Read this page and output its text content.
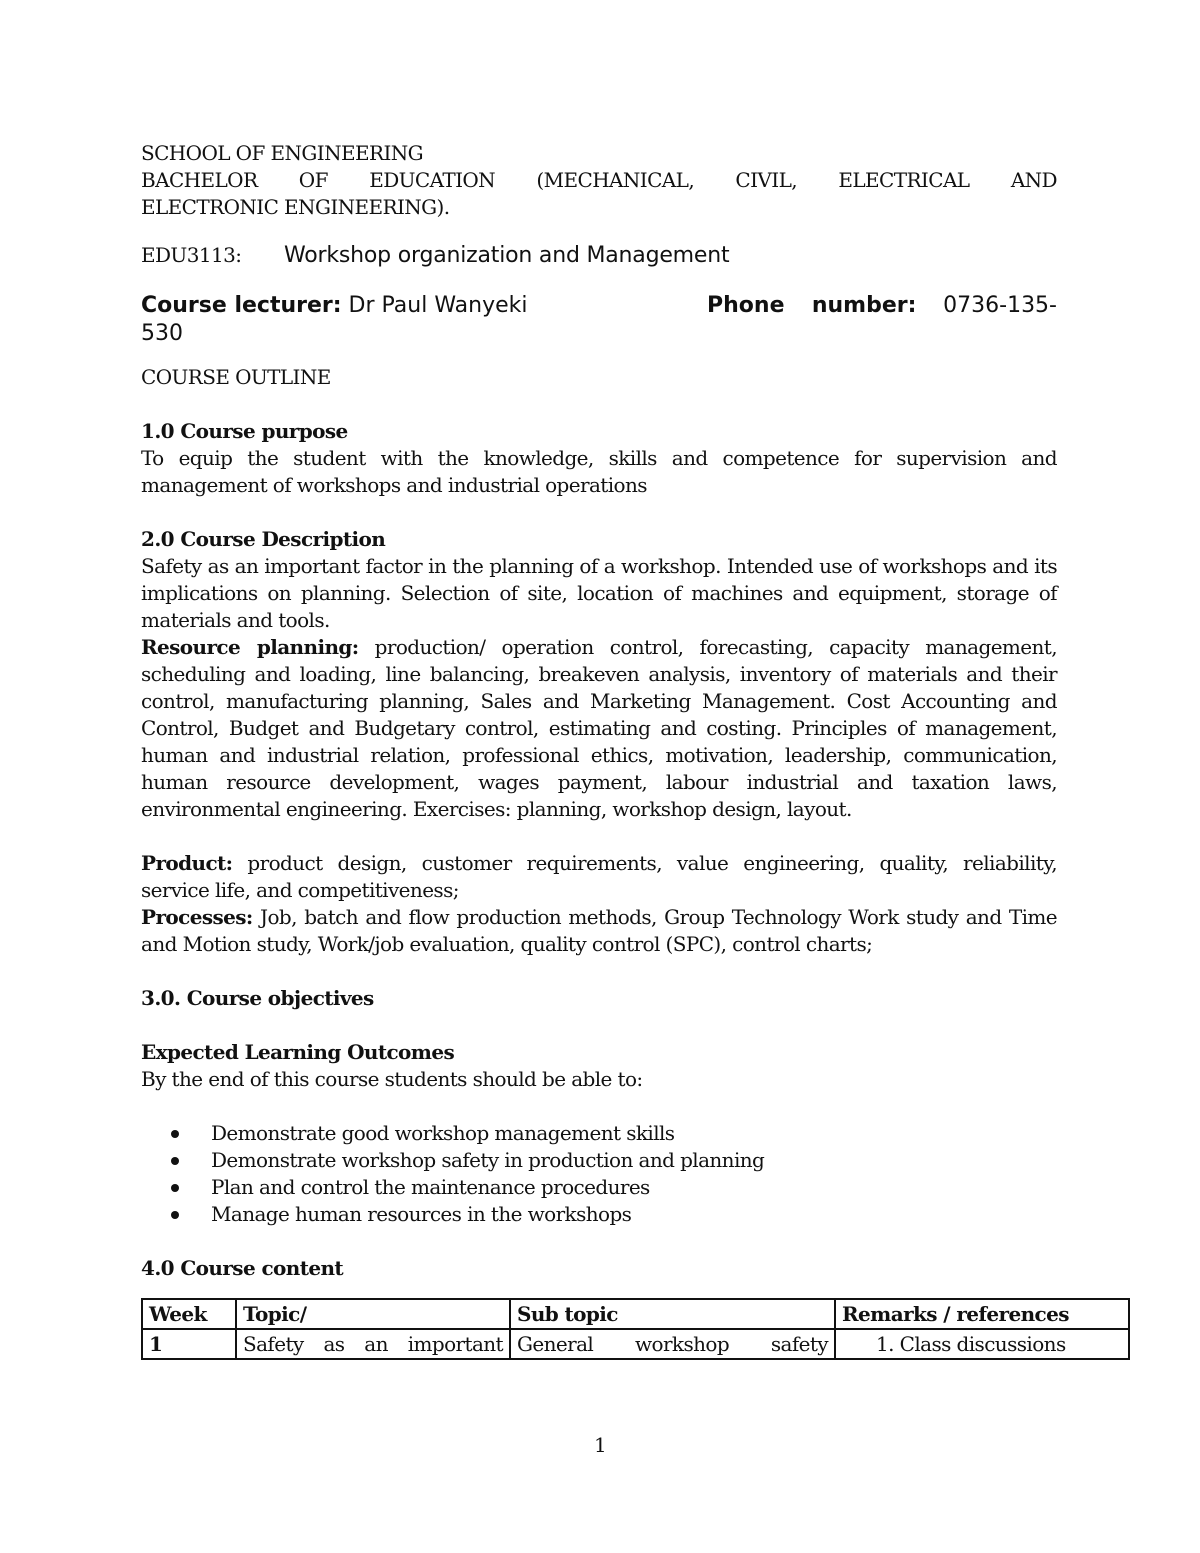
SCHOOL OF ENGINEERING
BACHELOR OF EDUCATION (MECHANICAL, CIVIL, ELECTRICAL AND
ELECTRONIC ENGINEERING).
EDU3113:	Workshop organization and Management
Course lecturer: Dr Paul Wanyeki	Phone number: 0736-135-
530
COURSE OUTLINE
1.0 Course purpose
To equip the student with the knowledge, skills and competence for supervision and management of workshops and industrial operations
2.0 Course Description
Safety as an important factor in the planning of a workshop. Intended use of workshops and its implications on planning. Selection of site, location of machines and equipment, storage of materials and tools.
Resource planning: production/ operation control, forecasting, capacity management, scheduling and loading, line balancing, breakeven analysis, inventory of materials and their control, manufacturing planning, Sales and Marketing Management. Cost Accounting and Control, Budget and Budgetary control, estimating and costing. Principles of management, human and industrial relation, professional ethics, motivation, leadership, communication, human resource development, wages payment, labour industrial and taxation laws, environmental engineering. Exercises: planning, workshop design, layout.
Product: product design, customer requirements, value engineering, quality, reliability, service life, and competitiveness;
Processes: Job, batch and flow production methods, Group Technology Work study and Time and Motion study, Work/job evaluation, quality control (SPC), control charts;
3.0. Course objectives
Expected Learning Outcomes
By the end of this course students should be able to:
Demonstrate good workshop management skills
Demonstrate workshop safety in production and planning
Plan and control the maintenance procedures
Manage human resources in the workshops
4.0 Course content
Week	Topic/	Sub topic	Remarks / references
1	Safety as an important	General workshop safety	1. Class discussions
1
